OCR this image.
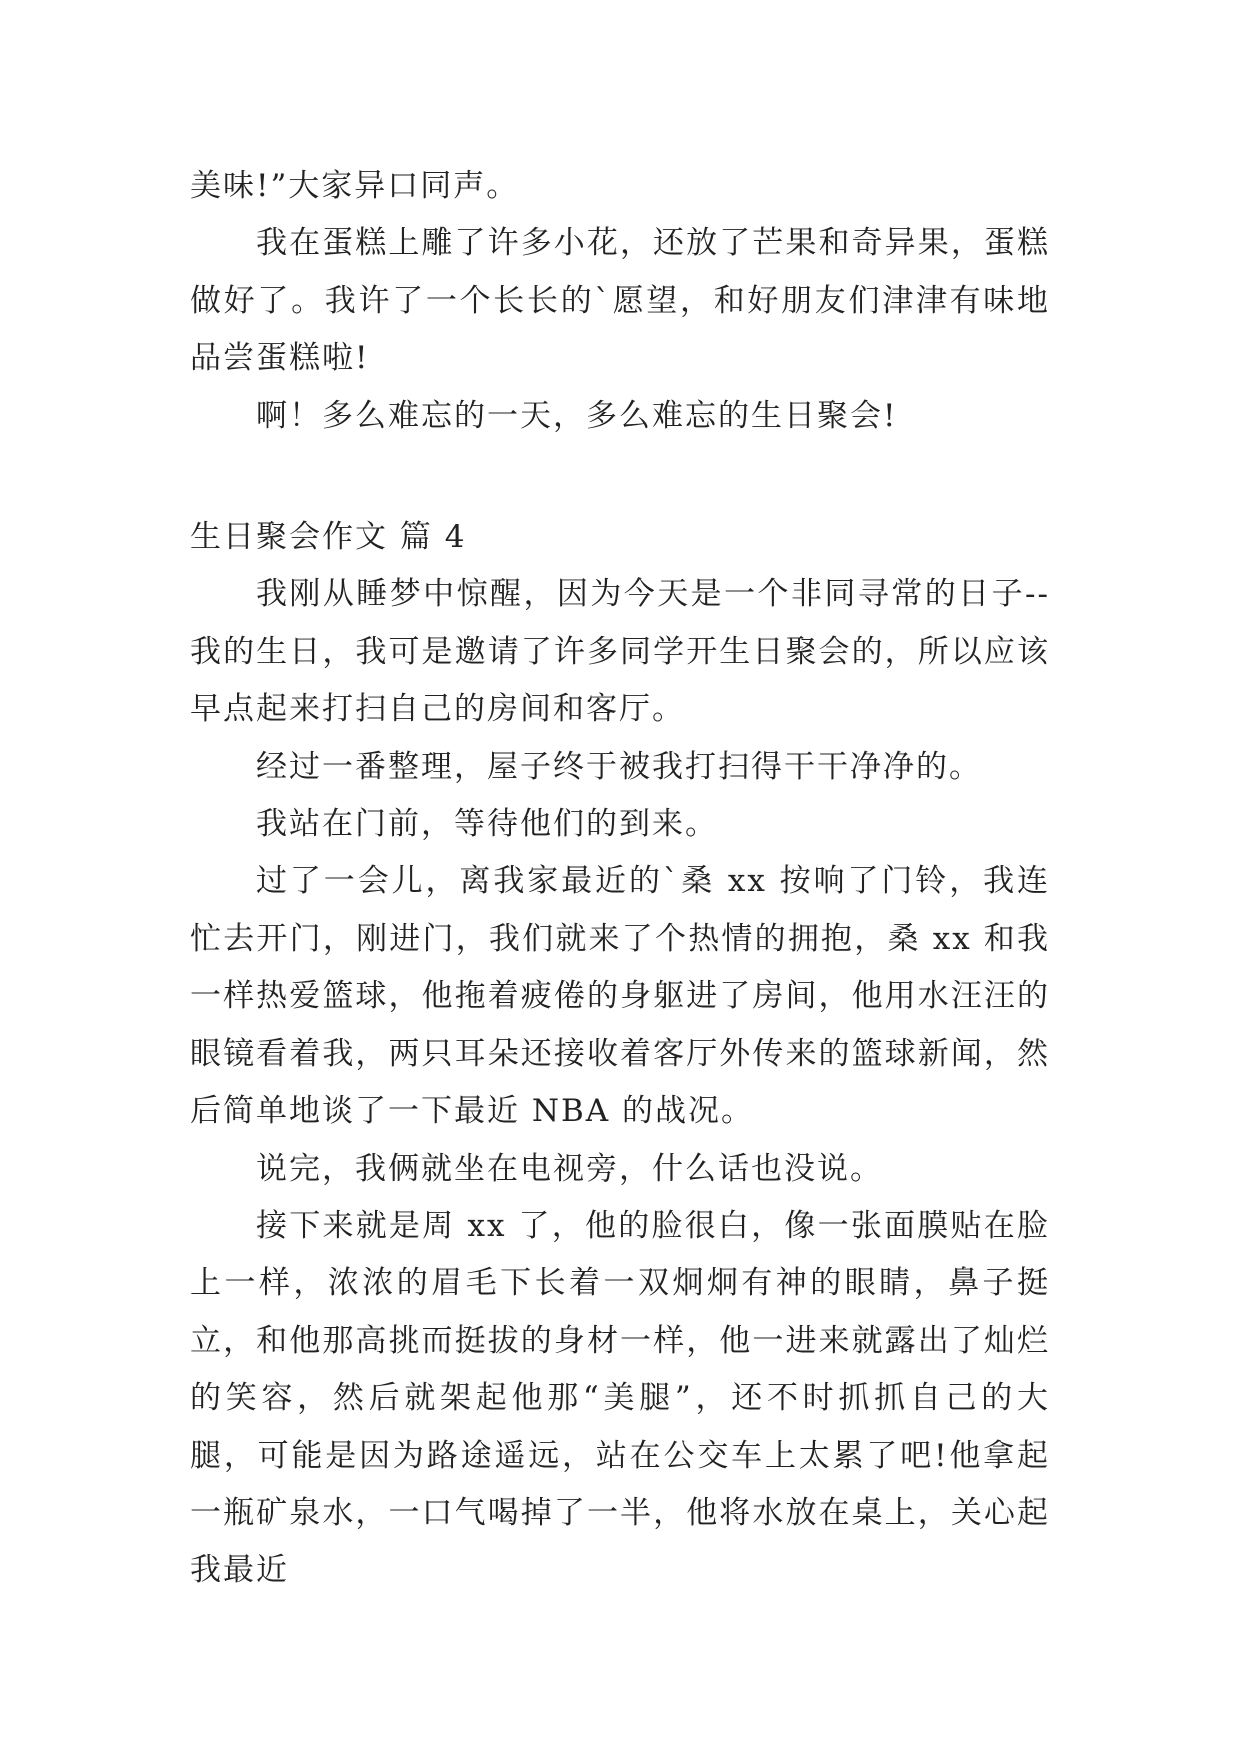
美味!”大家异口同声。

我在蛋糕上雕了许多小花，还放了芒果和奇异果，蛋糕做好了。我许了一个长长的`愿望，和好朋友们津津有味地品尝蛋糕啦!

啊！多么难忘的一天，多么难忘的生日聚会!

生日聚会作文 篇 4

我刚从睡梦中惊醒，因为今天是一个非同寻常的日子--我的生日，我可是邀请了许多同学开生日聚会的，所以应该早点起来打扫自己的房间和客厅。

经过一番整理，屋子终于被我打扫得干干净净的。

我站在门前，等待他们的到来。

过了一会儿，离我家最近的`桑 xx 按响了门铃，我连忙去开门，刚进门，我们就来了个热情的拥抱，桑 xx 和我一样热爱篮球，他拖着疲倦的身躯进了房间，他用水汪汪的眼镜看着我，两只耳朵还接收着客厅外传来的篮球新闻，然后简单地谈了一下最近 NBA 的战况。

说完，我俩就坐在电视旁，什么话也没说。

接下来就是周 xx 了，他的脸很白，像一张面膜贴在脸上一样，浓浓的眉毛下长着一双炯炯有神的眼睛，鼻子挺立，和他那高挑而挺拔的身材一样，他一进来就露出了灿烂的笑容，然后就架起他那“美腿”，还不时抓抓自己的大腿，可能是因为路途遥远，站在公交车上太累了吧!他拿起一瓶矿泉水，一口气喝掉了一半，他将水放在桌上，关心起我最近
